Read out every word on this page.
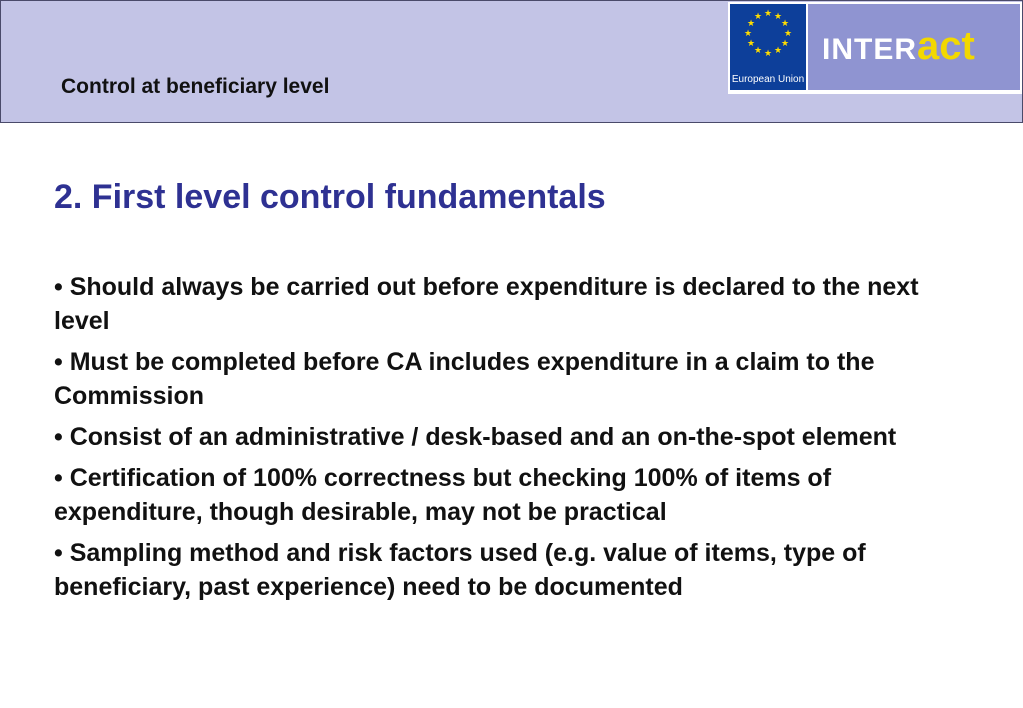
Control at beneficiary level
★ ★
★
★
★
★
★
★
★
★
★
★
European Union
INTERact
2. First level control fundamentals
• Should always be carried out before expenditure is declared to the next level
• Must be completed before CA includes expenditure in a claim to the Commission
• Consist of an administrative / desk-based and an on-the-spot element
• Certification of 100% correctness but checking 100% of items of expenditure, though desirable, may not be practical
• Sampling method and risk factors used (e.g. value of items, type of beneficiary, past experience) need to be documented
